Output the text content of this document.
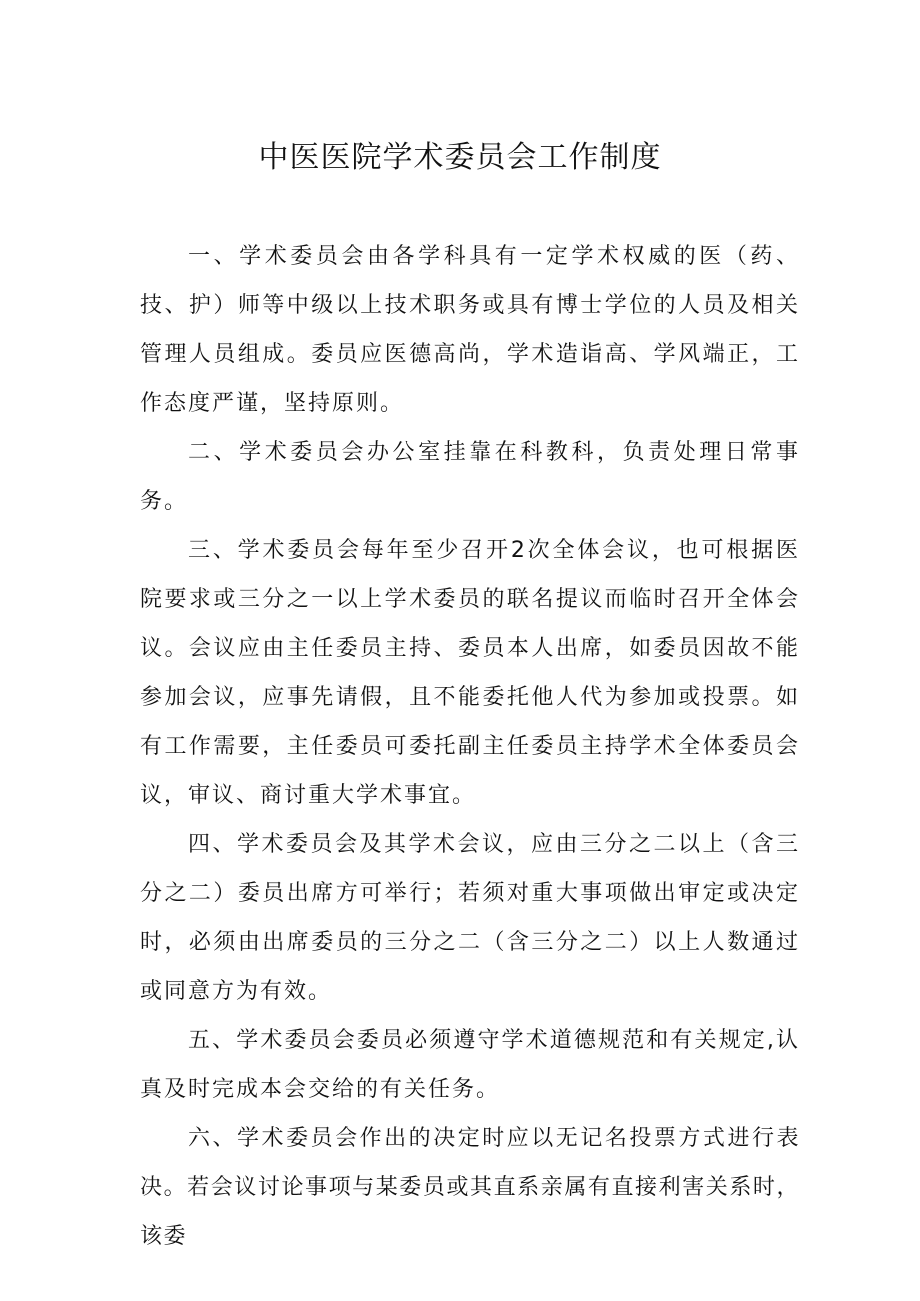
中医医院学术委员会工作制度

一、学术委员会由各学科具有一定学术权威的医（药、技、护）师等中级以上技术职务或具有博士学位的人员及相关管理人员组成。委员应医德高尚，学术造诣高、学风端正，工作态度严谨，坚持原则。

二、学术委员会办公室挂靠在科教科，负责处理日常事务。

三、学术委员会每年至少召开2次全体会议，也可根据医院要求或三分之一以上学术委员的联名提议而临时召开全体会议。会议应由主任委员主持、委员本人出席，如委员因故不能参加会议，应事先请假，且不能委托他人代为参加或投票。如有工作需要，主任委员可委托副主任委员主持学术全体委员会议，审议、商讨重大学术事宜。

四、学术委员会及其学术会议，应由三分之二以上（含三分之二）委员出席方可举行；若须对重大事项做出审定或决定时，必须由出席委员的三分之二（含三分之二）以上人数通过或同意方为有效。

五、学术委员会委员必须遵守学术道德规范和有关规定,认真及时完成本会交给的有关任务。

六、学术委员会作出的决定时应以无记名投票方式进行表决。若会议讨论事项与某委员或其直系亲属有直接利害关系时，该委
